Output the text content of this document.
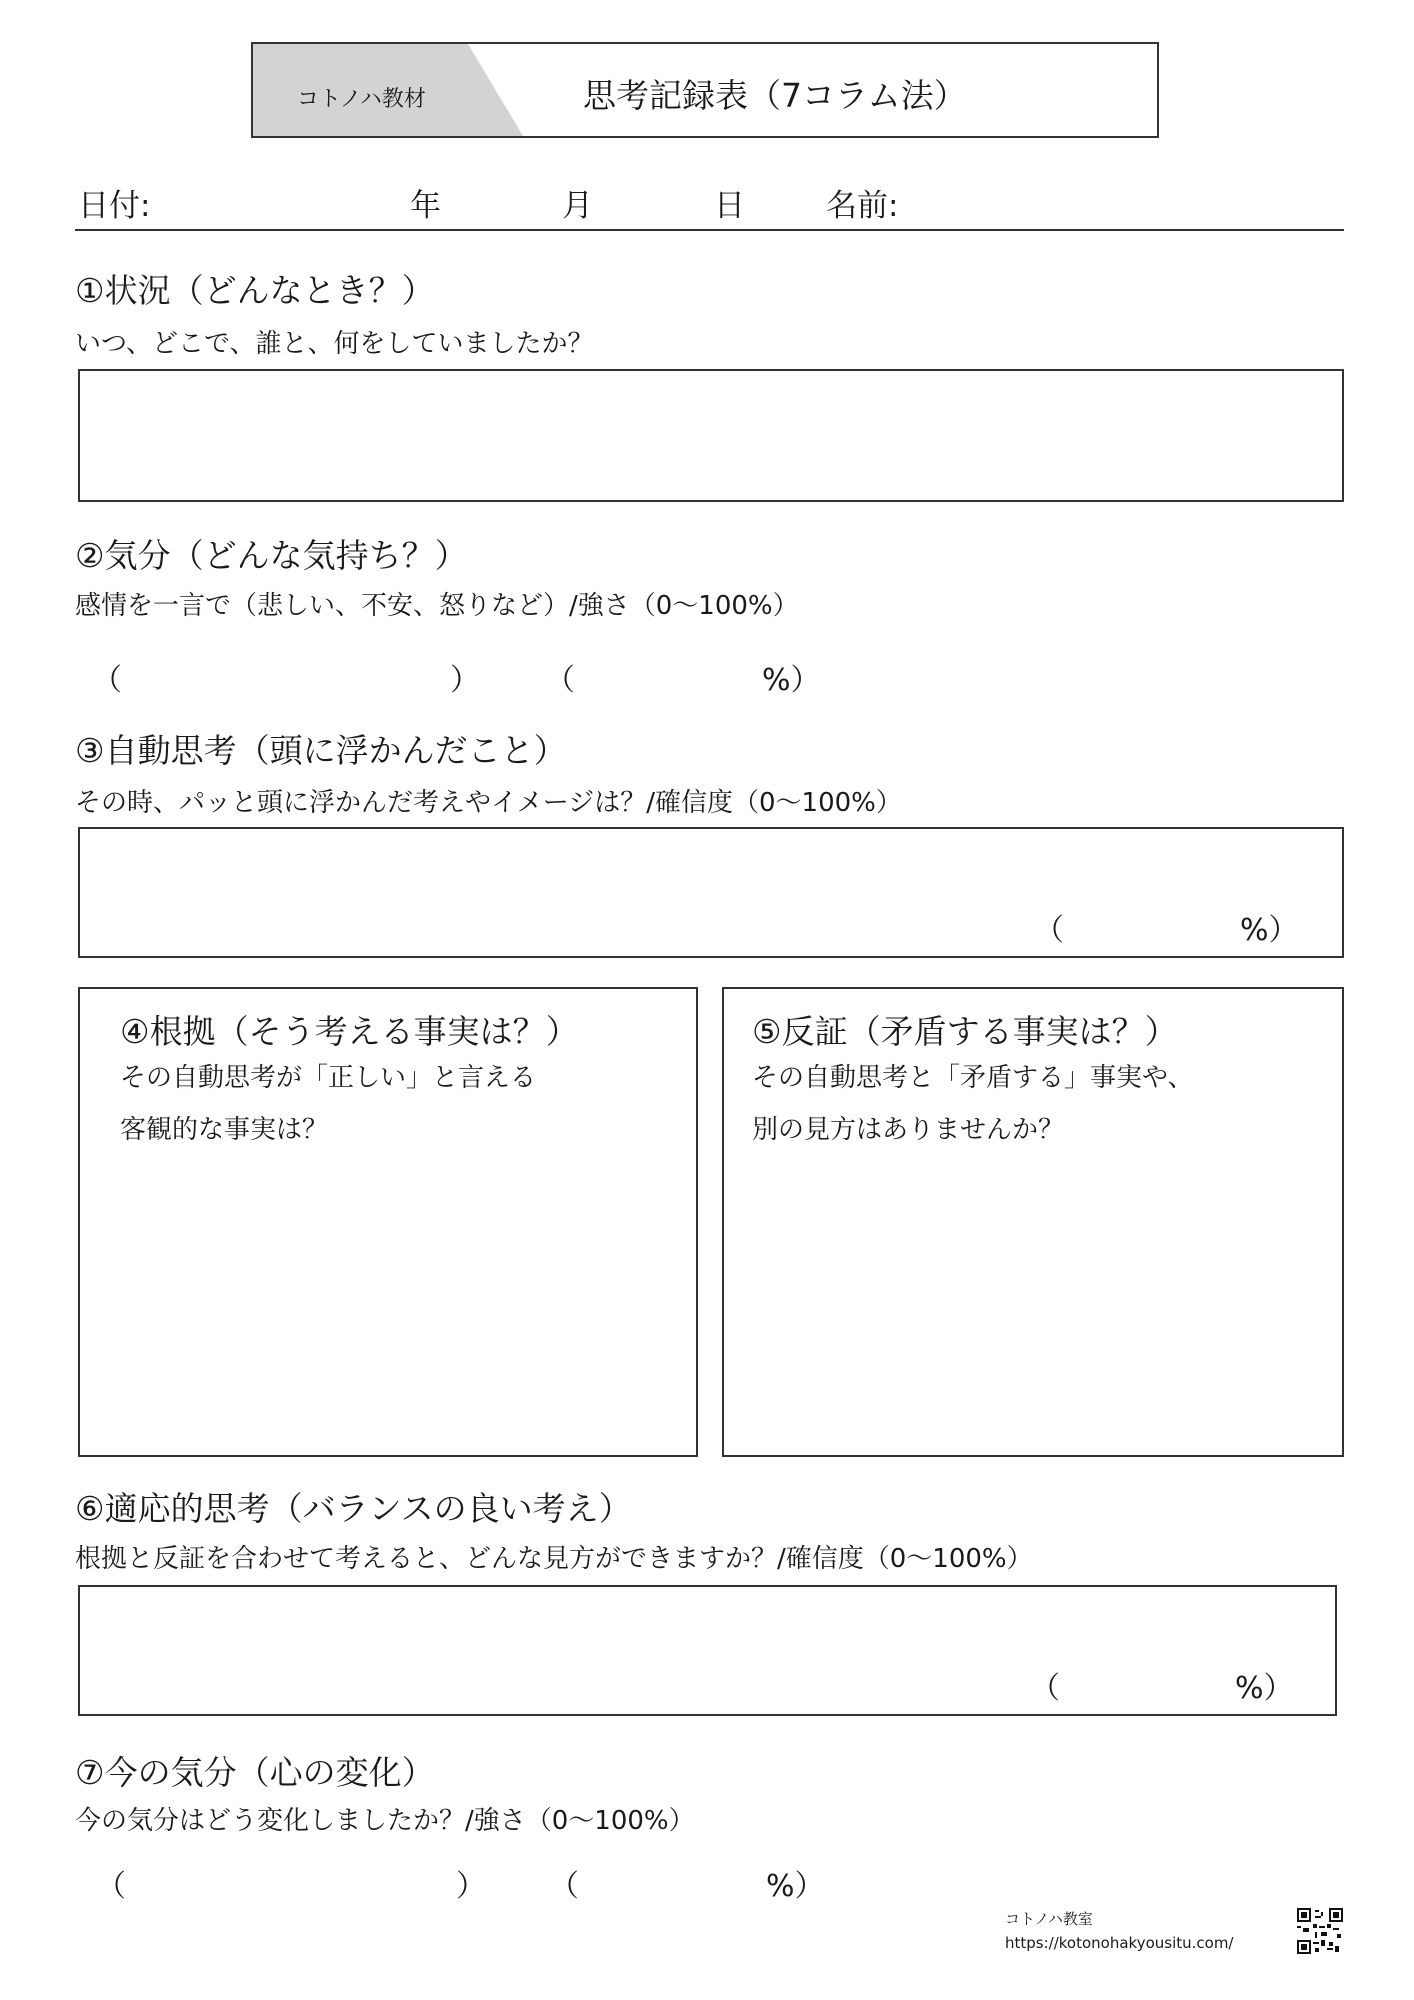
コトノハ教材	思考記録表（7コラム法）
日付:	年	月	日	名前:
①状況（どんなとき？）
いつ、どこで、誰と、何をしていましたか？
②気分（どんな気持ち？）
感情を一言で（悲しい、不安、怒りなど）/強さ（0～100%）
（	） （	%）
③自動思考（頭に浮かんだこと）
その時、パッと頭に浮かんだ考えやイメージは？/確信度（0～100%）
（	%）
④根拠（そう考える事実は？）
その自動思考が「正しい」と言える
客観的な事実は？
⑤反証（矛盾する事実は？）
その自動思考と「矛盾する」事実や、
別の見方はありませんか？
⑥適応的思考（バランスの良い考え）
根拠と反証を合わせて考えると、どんな見方ができますか？/確信度（0～100%）
（	%）
⑦今の気分（心の変化）
今の気分はどう変化しましたか？/強さ（0～100%）
（	） （	%）
コトノハ教室
https://kotonohakyousitu.com/
